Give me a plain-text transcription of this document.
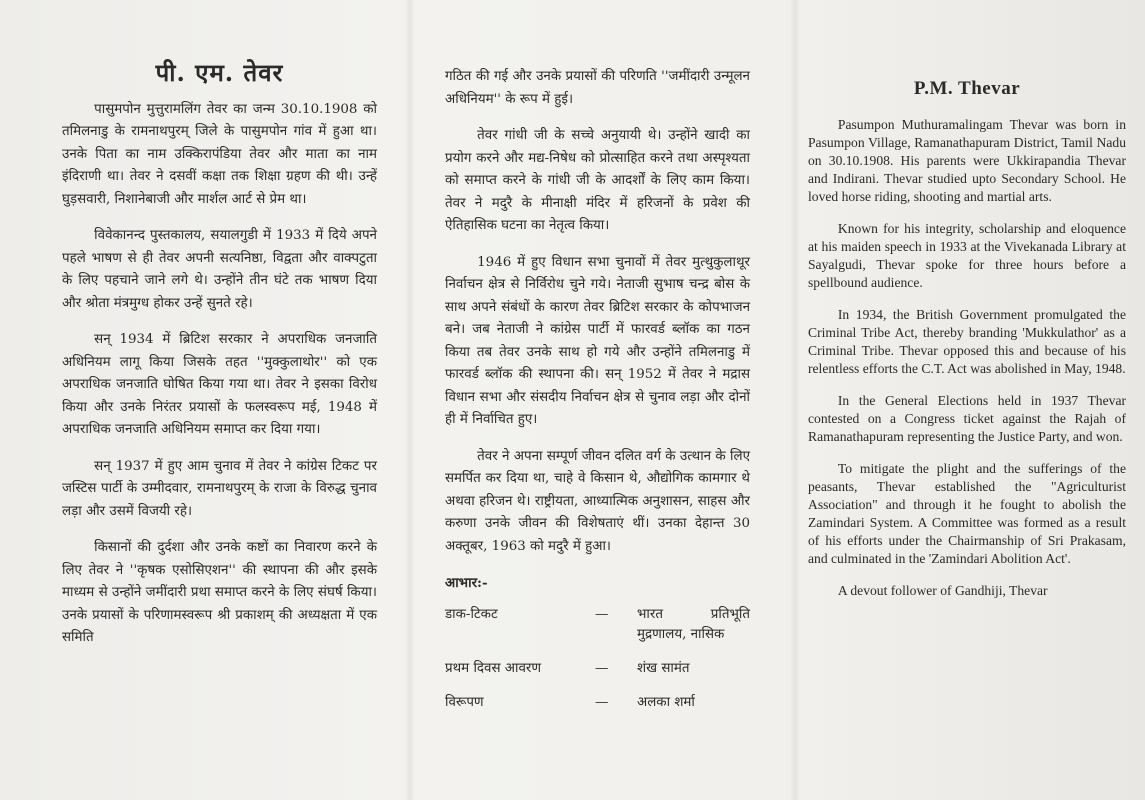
पी. एम. तेवर

पासुमपोन मुत्तुरामलिंग तेवर का जन्म 30.10.1908 को तमिलनाडु के रामनाथपुरम् जिले के पासुमपोन गांव में हुआ था। उनके पिता का नाम उक्किरापंडिया तेवर और माता का नाम इंदिराणी था। तेवर ने दसवीं कक्षा तक शिक्षा ग्रहण की थी। उन्हें घुड़सवारी, निशानेबाजी और मार्शल आर्ट से प्रेम था।

विवेकानन्द पुस्तकालय, सयालगुडी में 1933 में दिये अपने पहले भाषण से ही तेवर अपनी सत्यनिष्ठा, विद्वता और वाक्पटुता के लिए पहचाने जाने लगे थे। उन्होंने तीन घंटे तक भाषण दिया और श्रोता मंत्रमुग्ध होकर उन्हें सुनते रहे।

सन् 1934 में ब्रिटिश सरकार ने अपराधिक जनजाति अधिनियम लागू किया जिसके तहत ''मुक्कुलाथोर'' को एक अपराधिक जनजाति घोषित किया गया था। तेवर ने इसका विरोध किया और उनके निरंतर प्रयासों के फलस्वरूप मई, 1948 में अपराधिक जनजाति अधिनियम समाप्त कर दिया गया।

सन् 1937 में हुए आम चुनाव में तेवर ने कांग्रेस टिकट पर जस्टिस पार्टी के उम्मीदवार, रामनाथपुरम् के राजा के विरुद्ध चुनाव लड़ा और उसमें विजयी रहे।

किसानों की दुर्दशा और उनके कष्टों का निवारण करने के लिए तेवर ने ''कृषक एसोसिएशन'' की स्थापना की और इसके माध्यम से उन्होंने जमींदारी प्रथा समाप्त करने के लिए संघर्ष किया। उनके प्रयासों के परिणामस्वरूप श्री प्रकाशम् की अध्यक्षता में एक समिति

गठित की गई और उनके प्रयासों की परिणति ''जमींदारी उन्मूलन अधिनियम'' के रूप में हुई।

तेवर गांधी जी के सच्चे अनुयायी थे। उन्होंने खादी का प्रयोग करने और मद्य-निषेध को प्रोत्साहित करने तथा अस्पृश्यता को समाप्त करने के गांधी जी के आदर्शों के लिए काम किया। तेवर ने मदुरै के मीनाक्षी मंदिर में हरिजनों के प्रवेश की ऐतिहासिक घटना का नेतृत्व किया।

1946 में हुए विधान सभा चुनावों में तेवर मुत्थुकुलाथूर निर्वाचन क्षेत्र से निर्विरोध चुने गये। नेताजी सुभाष चन्द्र बोस के साथ अपने संबंधों के कारण तेवर ब्रिटिश सरकार के कोपभाजन बने। जब नेताजी ने कांग्रेस पार्टी में फारवर्ड ब्लॉक का गठन किया तब तेवर उनके साथ हो गये और उन्होंने तमिलनाडु में फारवर्ड ब्लॉक की स्थापना की। सन् 1952 में तेवर ने मद्रास विधान सभा और संसदीय निर्वाचन क्षेत्र से चुनाव लड़ा और दोनों ही में निर्वाचित हुए।

तेवर ने अपना सम्पूर्ण जीवन दलित वर्ग के उत्थान के लिए समर्पित कर दिया था, चाहे वे किसान थे, औद्योगिक कामगार थे अथवा हरिजन थे। राष्ट्रीयता, आध्यात्मिक अनुशासन, साहस और करुणा उनके जीवन की विशेषताएं थीं। उनका देहान्त 30 अक्तूबर, 1963 को मदुरै में हुआ।

आभार:-
डाक-टिकट	—	भारत प्रतिभूति मुद्रणालय, नासिक
प्रथम दिवस आवरण	—	शंख सामंत
विरूपण	—	अलका शर्मा
P.M. Thevar

Pasumpon Muthuramalingam Thevar was born in Pasumpon Village, Ramanathapuram District, Tamil Nadu on 30.10.1908. His parents were Ukkirapandia Thevar and Indirani. Thevar studied upto Secondary School. He loved horse riding, shooting and martial arts.

Known for his integrity, scholarship and eloquence at his maiden speech in 1933 at the Vivekanada Library at Sayalgudi, Thevar spoke for three hours before a spellbound audience.

In 1934, the British Government promulgated the Criminal Tribe Act, thereby branding 'Mukkulathor' as a Criminal Tribe. Thevar opposed this and because of his relentless efforts the C.T. Act was abolished in May, 1948.

In the General Elections held in 1937 Thevar contested on a Congress ticket against the Rajah of Ramanathapuram representing the Justice Party, and won.

To mitigate the plight and the sufferings of the peasants, Thevar established the "Agriculturist Association" and through it he fought to abolish the Zamindari System. A Committee was formed as a result of his efforts under the Chairmanship of Sri Prakasam, and culminated in the 'Zamindari Abolition Act'.

A devout follower of Gandhiji, Thevar
